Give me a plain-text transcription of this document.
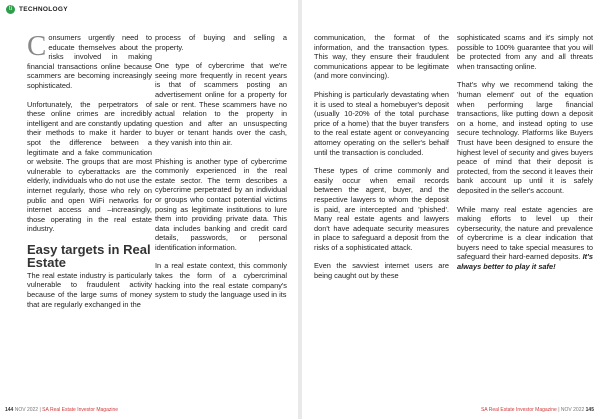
ti	TECHNOLOGY

Consumers urgently need to educate themselves about the risks involved in making financial transactions online because scammers are becoming increasingly sophisticated.

Unfortunately, the perpetrators of these online crimes are incredibly intelligent and are constantly updating their methods to make it harder to spot the difference between a legitimate and a fake communication or website. The groups that are most vulnerable to cyberattacks are the elderly, individuals who do not use the internet regularly, those who rely on public and open WiFi networks for internet access and –increasingly, those operating in the real estate industry.

Easy targets in Real Estate

The real estate industry is particularly vulnerable to fraudulent activity because of the large sums of money that are regularly exchanged in the

process of buying and selling a property.

One type of cybercrime that we're seeing more frequently in recent years is that of scammers posting an advertisement online for a property for sale or rent. These scammers have no actual relation to the property in question and after an unsuspecting buyer or tenant hands over the cash, they vanish into thin air.

Phishing is another type of cybercrime commonly experienced in the real estate sector. The term describes a cybercrime perpetrated by an individual or groups who contact potential victims posing as legitimate institutions to lure them into providing private data. This data includes banking and credit card details, passwords, or personal identification information.

In a real estate context, this commonly takes the form of a cybercriminal hacking into the real estate company's system to study the language used in its

144 NOV 2022 | SA Real Estate Investor Magazine

communication, the format of the information, and the transaction types. This way, they ensure their fraudulent communications appear to be legitimate (and more convincing).

Phishing is particularly devastating when it is used to steal a homebuyer's deposit (usually 10-20% of the total purchase price of a home) that the buyer transfers to the real estate agent or conveyancing attorney operating on the seller's behalf until the transaction is concluded.

These types of crime commonly and easily occur when email records between the agent, buyer, and the respective lawyers to whom the deposit is paid, are intercepted and 'phished'. Many real estate agents and lawyers don't have adequate security measures in place to safeguard a deposit from the risks of a sophisticated attack.

Even the savviest internet users are being caught out by these

sophisticated scams and it's simply not possible to 100% guarantee that you will be protected from any and all threats when transacting online.

That's why we recommend taking the 'human element' out of the equation when performing large financial transactions, like putting down a deposit on a home, and instead opting to use secure technology. Platforms like Buyers Trust have been designed to ensure the highest level of security and gives buyers peace of mind that their deposit is protected, from the second it leaves their bank account up until it is safely deposited in the seller's account.

While many real estate agencies are making efforts to level up their cybersecurity, the nature and prevalence of cybercrime is a clear indication that buyers need to take special measures to safeguard their hard-earned deposits. It's always better to play it safe!

SA Real Estate Investor Magazine | NOV 2022 145
